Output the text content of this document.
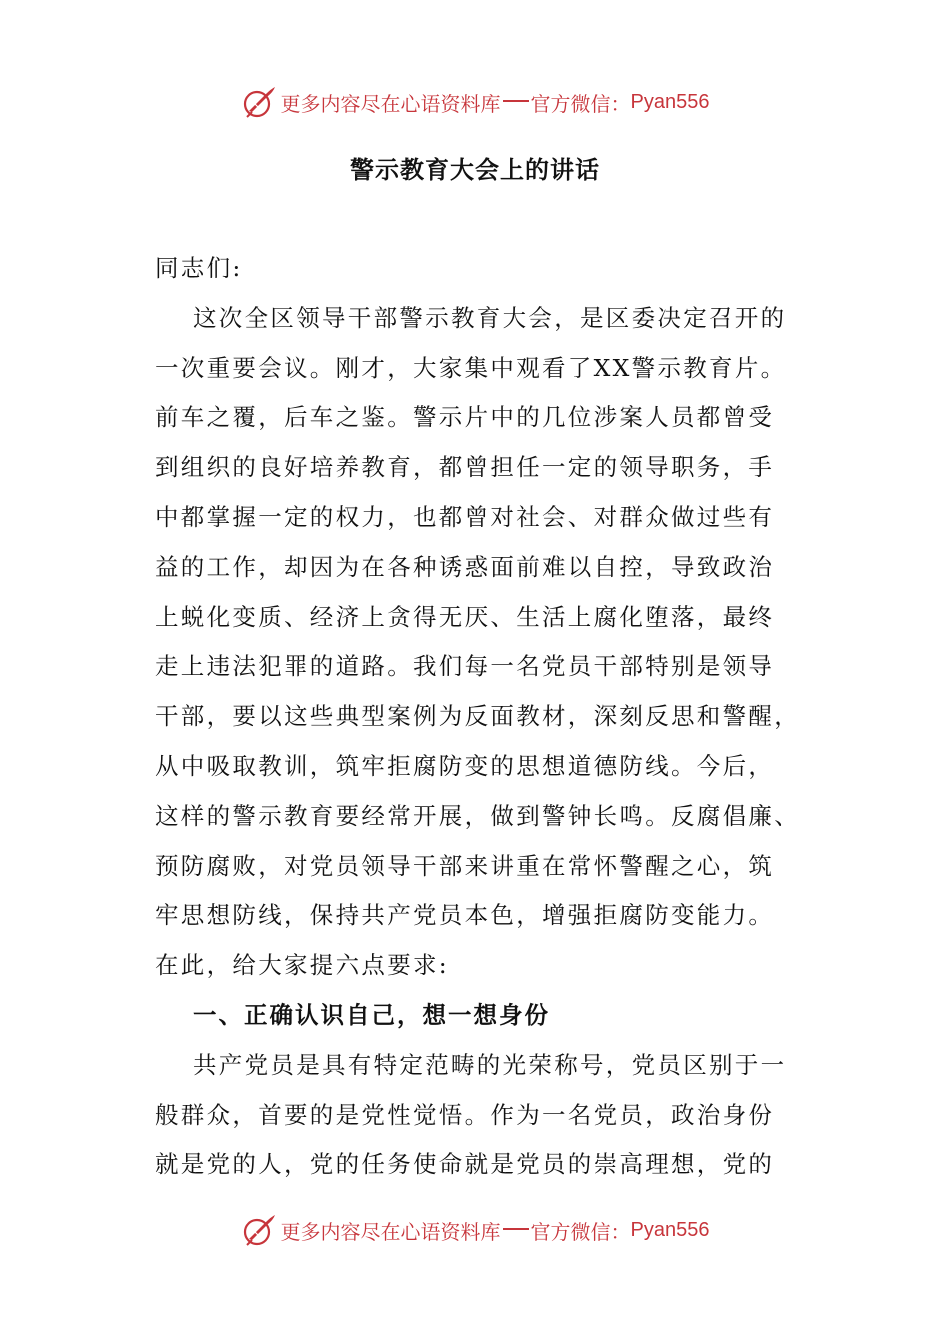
更多内容尽在心语资料库 官方微信： Pyan556
警示教育大会上的讲话
同志们:
这次全区领导干部警示教育大会，是区委决定召开的
一次重要会议。刚才，大家集中观看了XX警示教育片。
前车之覆，后车之鉴。警示片中的几位涉案人员都曾受
到组织的良好培养教育，都曾担任一定的领导职务，手
中都掌握一定的权力，也都曾对社会、对群众做过些有
益的工作，却因为在各种诱惑面前难以自控，导致政治
上蜕化变质、经济上贪得无厌、生活上腐化堕落，最终
走上违法犯罪的道路。我们每一名党员干部特别是领导
干部，要以这些典型案例为反面教材，深刻反思和警醒，
从中吸取教训，筑牢拒腐防变的思想道德防线。今后，
这样的警示教育要经常开展，做到警钟长鸣。反腐倡廉、
预防腐败，对党员领导干部来讲重在常怀警醒之心，筑
牢思想防线，保持共产党员本色，增强拒腐防变能力。
在此，给大家提六点要求:
一、正确认识自己，想一想身份
共产党员是具有特定范畴的光荣称号，党员区别于一
般群众，首要的是党性觉悟。作为一名党员，政治身份
就是党的人，党的任务使命就是党员的崇高理想，党的
更多内容尽在心语资料库 官方微信： Pyan556
